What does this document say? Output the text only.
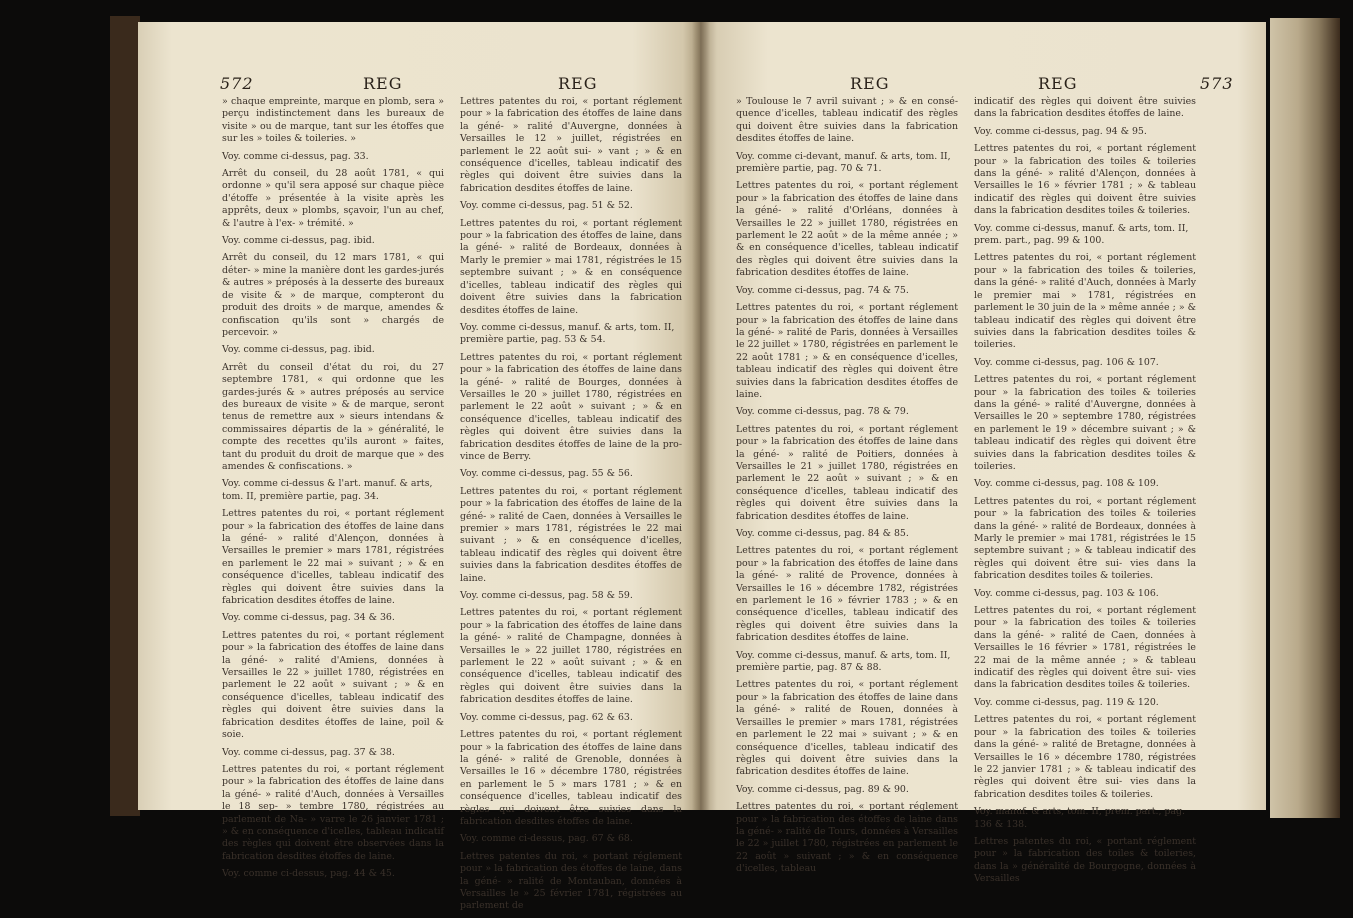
572	REG	REG

» chaque empreinte, marque en plomb, sera » perçu indistinctement dans les bureaux de visite » ou de marque, tant sur les étoffes que sur les » toiles & toileries. »

Voy. comme ci-dessus, pag. 33.

Arrêt du conseil, du 28 août 1781, « qui ordonne » qu'il sera apposé sur chaque pièce d'étoffe » présentée à la visite après les apprêts, deux » plombs, sçavoir, l'un au chef, & l'autre à l'ex- » trémité. »

Voy. comme ci-dessus, pag. ibid.

Arrêt du conseil, du 12 mars 1781, « qui déter- » mine la manière dont les gardes-jurés & autres » préposés à la desserte des bureaux de visite & » de marque, compteront du produit des droits » de marque, amendes & confiscation qu'ils sont » chargés de percevoir. »

Voy. comme ci-dessus, pag. ibid.

Arrêt du conseil d'état du roi, du 27 septembre 1781, « qui ordonne que les gardes-jurés & » autres préposés au service des bureaux de visite » & de marque, seront tenus de remettre aux » sieurs intendans & commissaires départis de la » généralité, le compte des recettes qu'ils auront » faites, tant du produit du droit de marque que » des amendes & confiscations. »

Voy. comme ci-dessus & l'art. manuf. & arts, tom. II, première partie, pag. 34.

Lettres patentes du roi, « portant réglement pour » la fabrication des étoffes de laine dans la géné- » ralité d'Alençon, données à Versailles le premier » mars 1781, régistrées en parlement le 22 mai » suivant ; » & en conséquence d'icelles, tableau indicatif des règles qui doivent être suivies dans la fabrication desdites étoffes de laine.

Voy. comme ci-dessus, pag. 34 & 36.

Lettres patentes du roi, « portant réglement pour » la fabrication des étoffes de laine dans la géné- » ralité d'Amiens, données à Versailles le 22 » juillet 1780, régistrées en parlement le 22 août » suivant ; » & en conséquence d'icelles, tableau indicatif des règles qui doivent être suivies dans la fabrication desdites étoffes de laine, poil & soie.

Voy. comme ci-dessus, pag. 37 & 38.

Lettres patentes du roi, « portant réglement pour » la fabrication des étoffes de laine dans la géné- » ralité d'Auch, données à Versailles le 18 sep- » tembre 1780, régistrées au parlement de Na- » varre le 26 janvier 1781 ; » & en conséquence d'icelles, tableau indicatif des règles qui doivent être observées dans la fabrication desdites étoffes de laine.

Voy. comme ci-dessus, pag. 44 & 45.

Lettres patentes du roi, « portant réglement pour » la fabrication des étoffes de laine dans la géné- » ralité d'Auvergne, données à Versailles le 12 » juillet, régistrées en parlement le 22 août sui- » vant ; » & en conséquence d'icelles, tableau indicatif des règles qui doivent être suivies dans la fabrication desdites étoffes de laine.

Voy. comme ci-dessus, pag. 51 & 52.

Lettres patentes du roi, « portant réglement pour » la fabrication des étoffes de laine, dans la géné- » ralité de Bordeaux, données à Marly le premier » mai 1781, régistrées le 15 septembre suivant ; » & en conséquence d'icelles, tableau indicatif des règles qui doivent être suivies dans la fabrication desdites étoffes de laine.

Voy. comme ci-dessus, manuf. & arts, tom. II, première partie, pag. 53 & 54.

Lettres patentes du roi, « portant réglement pour » la fabrication des étoffes de laine dans la géné- » ralité de Bourges, données à Versailles le 20 » juillet 1780, régistrées en parlement le 22 août » suivant ; » & en conséquence d'icelles, tableau indicatif des règles qui doivent être suivies dans la fabrication desdites étoffes de laine de la pro- vince de Berry.

Voy. comme ci-dessus, pag. 55 & 56.

Lettres patentes du roi, « portant réglement pour » la fabrication des étoffes de laine de la géné- » ralité de Caen, données à Versailles le premier » mars 1781, régistrées le 22 mai suivant ; » & en conséquence d'icelles, tableau indicatif des règles qui doivent être suivies dans la fabrication desdites étoffes de laine.

Voy. comme ci-dessus, pag. 58 & 59.

Lettres patentes du roi, « portant réglement pour » la fabrication des étoffes de laine dans la géné- » ralité de Champagne, données à Versailles le » 22 juillet 1780, régistrées en parlement le 22 » août suivant ; » & en conséquence d'icelles, tableau indicatif des règles qui doivent être suivies dans la fabrication desdites étoffes de laine.

Voy. comme ci-dessus, pag. 62 & 63.

Lettres patentes du roi, « portant réglement pour » la fabrication des étoffes de laine dans la géné- » ralité de Grenoble, données à Versailles le 16 » décembre 1780, régistrées en parlement le 5 » mars 1781 ; » & en conséquence d'icelles, tableau indicatif des règles qui doivent être suivies dans la fabrication desdites étoffes de laine.

Voy. comme ci-dessus, pag. 67 & 68.

Lettres patentes du roi, « portant réglement pour » la fabrication des étoffes de laine, dans la géné- » ralité de Montauban, données à Versailles le » 25 février 1781, régistrées au parlement de

REG	REG	573

» Toulouse le 7 avril suivant ; » & en consé- quence d'icelles, tableau indicatif des règles qui doivent être suivies dans la fabrication desdites étoffes de laine.

Voy. comme ci-devant, manuf. & arts, tom. II, première partie, pag. 70 & 71.

Lettres patentes du roi, « portant réglement pour » la fabrication des étoffes de laine dans la géné- » ralité d'Orléans, données à Versailles le 22 » juillet 1780, régistrées en parlement le 22 août » de la même année ; » & en conséquence d'icelles, tableau indicatif des règles qui doivent être suivies dans la fabrication desdites étoffes de laine.

Voy. comme ci-dessus, pag. 74 & 75.

Lettres patentes du roi, « portant réglement pour » la fabrication des étoffes de laine dans la géné- » ralité de Paris, données à Versailles le 22 juillet » 1780, régistrées en parlement le 22 août 1781 ; » & en conséquence d'icelles, tableau indicatif des règles qui doivent être suivies dans la fabrication desdites étoffes de laine.

Voy. comme ci-dessus, pag. 78 & 79.

Lettres patentes du roi, « portant réglement pour » la fabrication des étoffes de laine dans la géné- » ralité de Poitiers, données à Versailles le 21 » juillet 1780, régistrées en parlement le 22 août » suivant ; » & en conséquence d'icelles, tableau indicatif des règles qui doivent être suivies dans la fabrication desdites étoffes de laine.

Voy. comme ci-dessus, pag. 84 & 85.

Lettres patentes du roi, « portant réglement pour » la fabrication des étoffes de laine dans la géné- » ralité de Provence, données à Versailles le 16 » décembre 1782, régistrées en parlement le 16 » février 1783 ; » & en conséquence d'icelles, tableau indicatif des règles qui doivent être suivies dans la fabrication desdites étoffes de laine.

Voy. comme ci-dessus, manuf. & arts, tom. II, première partie, pag. 87 & 88.

Lettres patentes du roi, « portant réglement pour » la fabrication des étoffes de laine dans la géné- » ralité de Rouen, données à Versailles le premier » mars 1781, régistrées en parlement le 22 mai » suivant ; » & en conséquence d'icelles, tableau indicatif des règles qui doivent être suivies dans la fabrication desdites étoffes de laine.

Voy. comme ci-dessus, pag. 89 & 90.

Lettres patentes du roi, « portant réglement pour » la fabrication des étoffes de laine dans la géné- » ralité de Tours, données à Versailles le 22 » juillet 1780, régistrées en parlement le 22 août » suivant ; » & en conséquence d'icelles, tableau

indicatif des règles qui doivent être suivies dans la fabrication desdites étoffes de laine.

Voy. comme ci-dessus, pag. 94 & 95.

Lettres patentes du roi, « portant réglement pour » la fabrication des toiles & toileries dans la géné- » ralité d'Alençon, données à Versailles le 16 » février 1781 ; » & tableau indicatif des règles qui doivent être suivies dans la fabrication desdites toiles & toileries.

Voy. comme ci-dessus, manuf. & arts, tom. II, prem. part., pag. 99 & 100.

Lettres patentes du roi, « portant réglement pour » la fabrication des toiles & toileries, dans la géné- » ralité d'Auch, données à Marly le premier mai » 1781, régistrées en parlement le 30 juin de la » même année ; » & tableau indicatif des règles qui doivent être suivies dans la fabrication desdites toiles & toileries.

Voy. comme ci-dessus, pag. 106 & 107.

Lettres patentes du roi, « portant réglement pour » la fabrication des toiles & toileries dans la géné- » ralité d'Auvergne, données à Versailles le 20 » septembre 1780, régistrées en parlement le 19 » décembre suivant ; » & tableau indicatif des règles qui doivent être suivies dans la fabrication desdites toiles & toileries.

Voy. comme ci-dessus, pag. 108 & 109.

Lettres patentes du roi, « portant réglement pour » la fabrication des toiles & toileries dans la géné- » ralité de Bordeaux, données à Marly le premier » mai 1781, régistrées le 15 septembre suivant ; » & tableau indicatif des règles qui doivent être sui- vies dans la fabrication desdites toiles & toileries.

Voy. comme ci-dessus, pag. 103 & 106.

Lettres patentes du roi, « portant réglement pour » la fabrication des toiles & toileries dans la géné- » ralité de Caen, données à Versailles le 16 février » 1781, régistrées le 22 mai de la même année ; » & tableau indicatif des règles qui doivent être sui- vies dans la fabrication desdites toiles & toileries.

Voy. comme ci-dessus, pag. 119 & 120.

Lettres patentes du roi, « portant réglement pour » la fabrication des toiles & toileries dans la géné- » ralité de Bretagne, données à Versailles le 16 » décembre 1780, régistrées le 22 janvier 1781 ; » & tableau indicatif des règles qui doivent être sui- vies dans la fabrication desdites toiles & toileries.

Voy. manuf. & arts, tom. II, prem. part., pag. 136 & 138.

Lettres patentes du roi, « portant réglement pour » la fabrication des toiles & toileries, dans la » généralité de Bourgogne, données à Versailles
